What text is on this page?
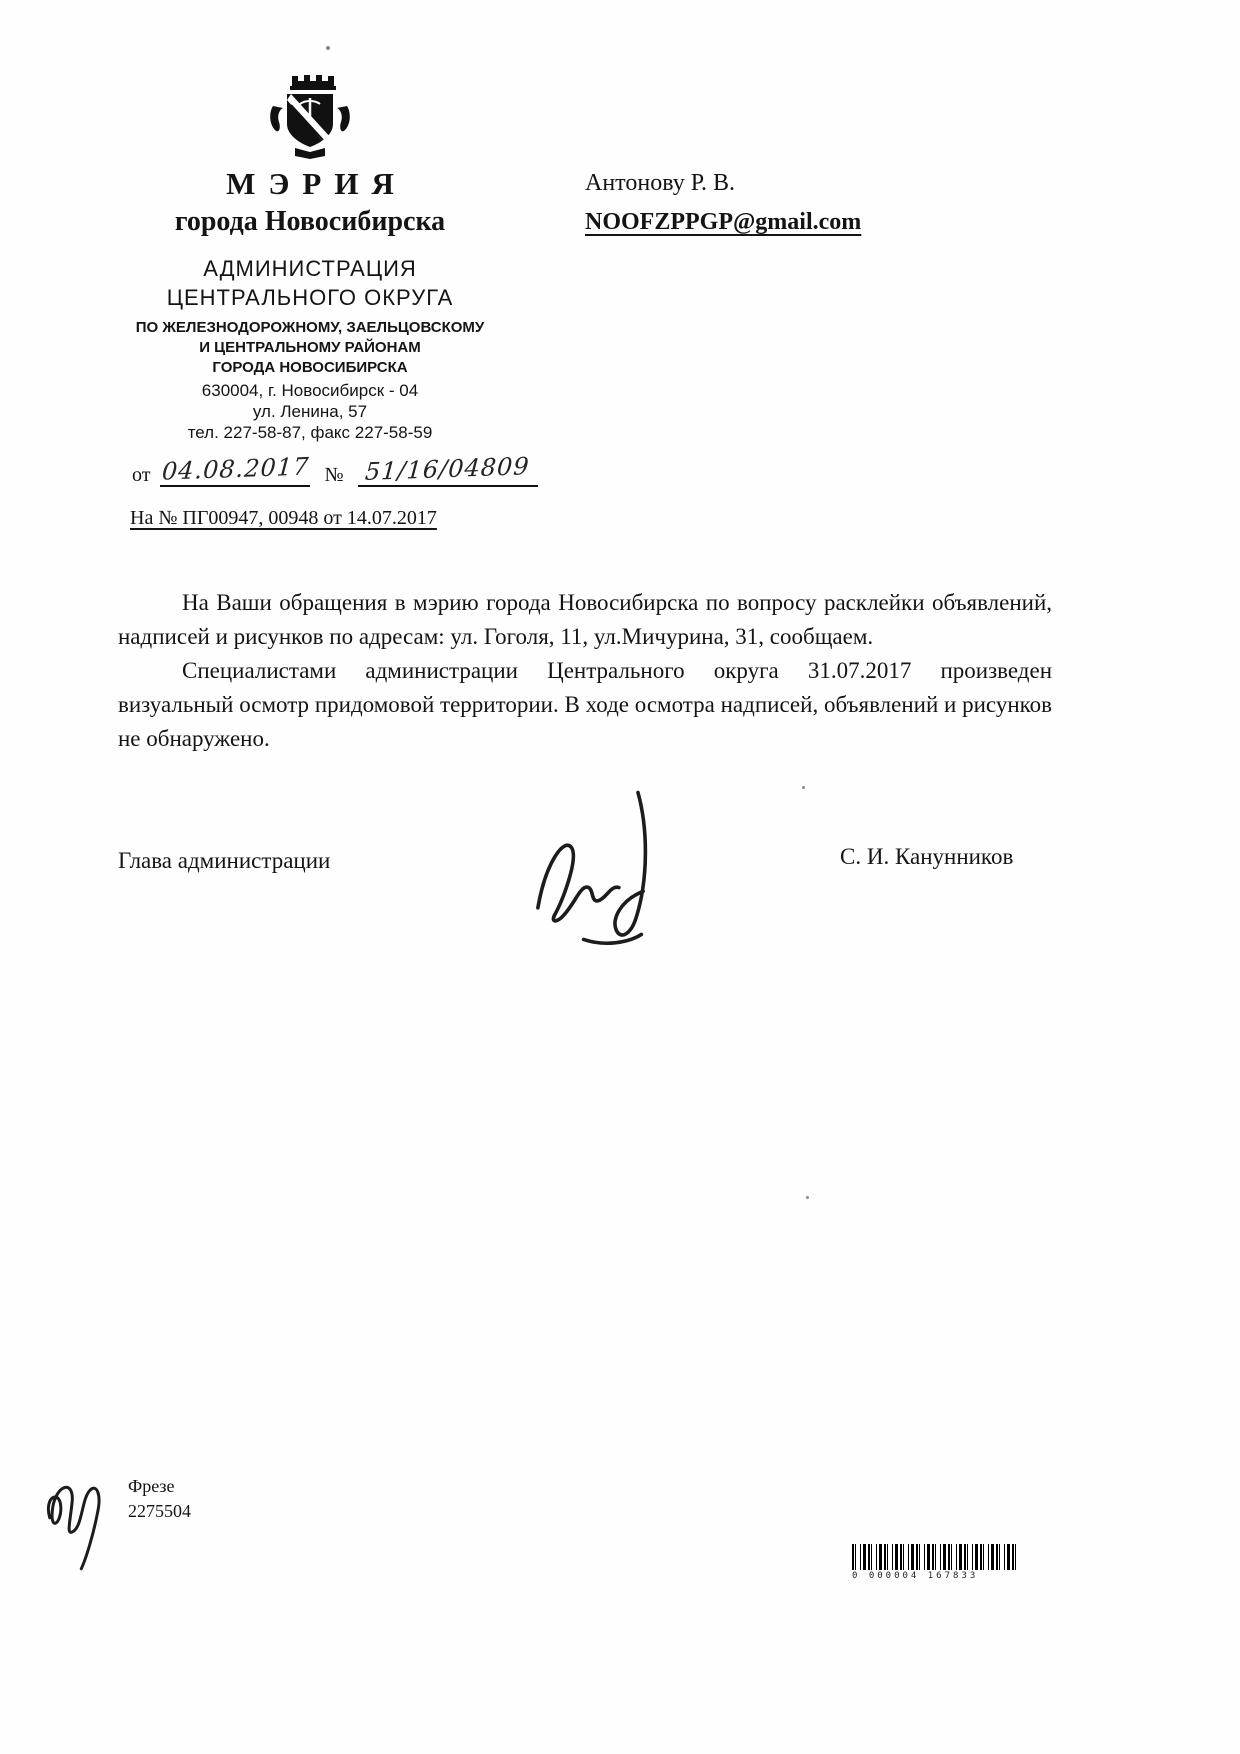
МЭРИЯ
города Новосибирска
АДМИНИСТРАЦИЯ
ЦЕНТРАЛЬНОГО ОКРУГА
ПО ЖЕЛЕЗНОДОРОЖНОМУ, ЗАЕЛЬЦОВСКОМУ
И ЦЕНТРАЛЬНОМУ РАЙОНАМ
ГОРОДА НОВОСИБИРСКА
630004, г. Новосибирск - 04
ул. Ленина, 57
тел. 227-58-87, факс 227-58-59
от 04.08.2017 № 51/16/04809
На № ПГ00947, 00948 от 14.07.2017
Антонову Р. В.
NOOFZPPGP@gmail.com

На Ваши обращения в мэрию города Новосибирска по вопросу расклейки объявлений, надписей и рисунков по адресам: ул. Гоголя, 11, ул.Мичурина, 31, сообщаем.

Специалистами администрации Центрального округа 31.07.2017 произведен визуальный осмотр придомовой территории. В ходе осмотра надписей, объявлений и рисунков не обнаружено.

Глава администрации	С. И. Канунников
Фрезе
2275504
0 000004 167833
